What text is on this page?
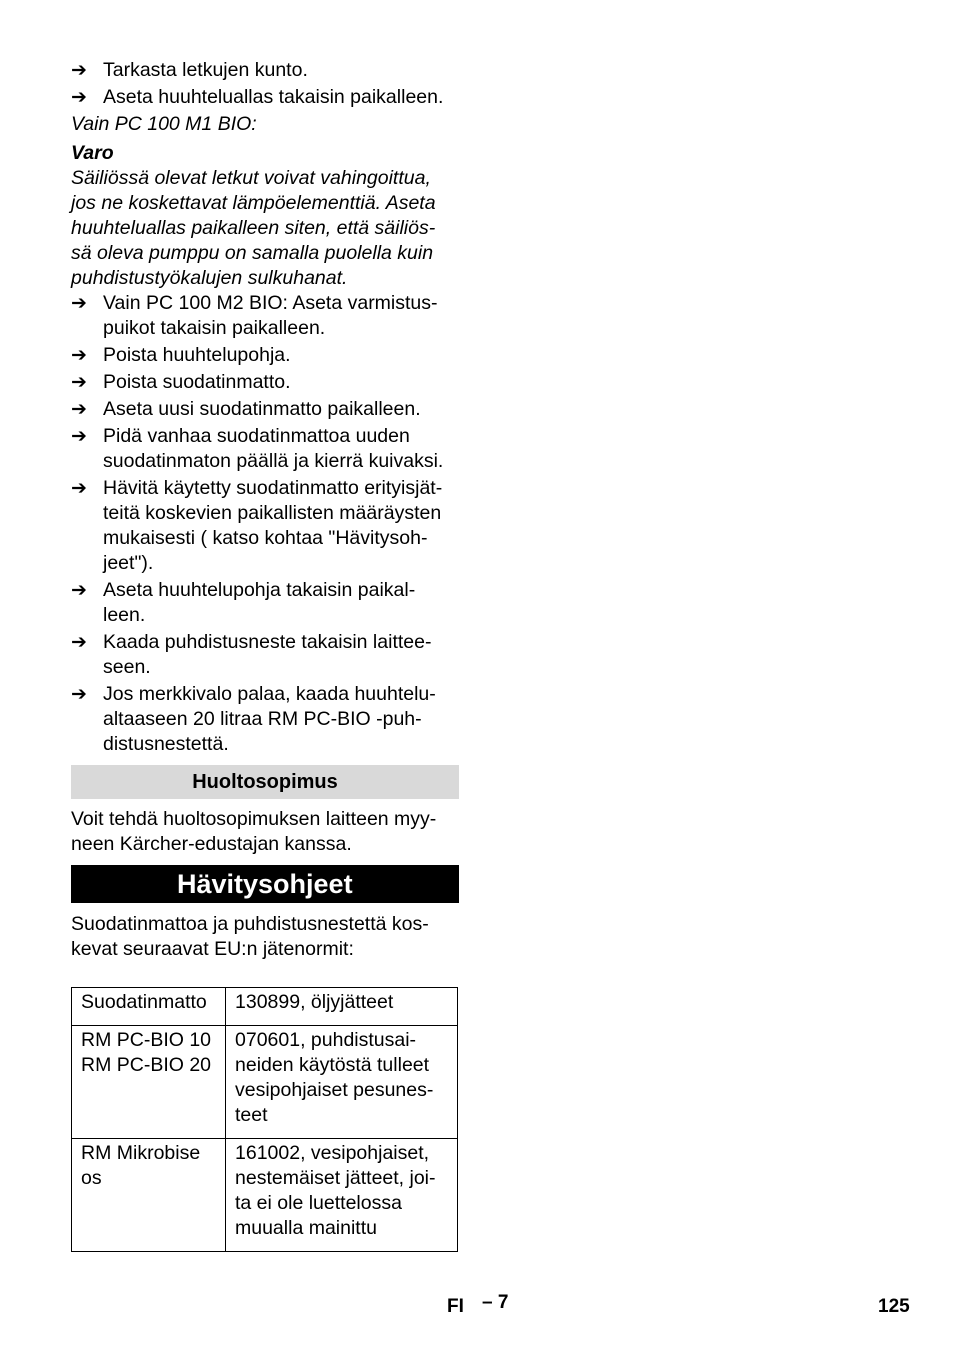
➔ Tarkasta letkujen kunto.
➔ Aseta huuhteluallas takaisin paikalleen.
Vain PC 100 M1 BIO:
Varo
Säiliössä olevat letkut voivat vahingoittua,
jos ne koskettavat lämpöelementtiä. Aseta
huuhteluallas paikalleen siten, että säiliös-
sä oleva pumppu on samalla puolella kuin
puhdistustyökalujen sulkuhanat.
➔ Vain PC 100 M2 BIO: Aseta varmistus-
puikot takaisin paikalleen.
➔ Poista huuhtelupohja.
➔ Poista suodatinmatto.
➔ Aseta uusi suodatinmatto paikalleen.
➔ Pidä vanhaa suodatinmattoa uuden
suodatinmaton päällä ja kierrä kuivaksi.
➔ Hävitä käytetty suodatinmatto erityisjät-
teitä koskevien paikallisten määräysten
mukaisesti ( katso kohtaa "Hävitysoh-
jeet").
➔ Aseta huuhtelupohja takaisin paikal-
leen.
➔ Kaada puhdistusneste takaisin laittee-
seen.
➔ Jos merkkivalo palaa, kaada huuhtelu-
altaaseen 20 litraa RM PC-BIO -puh-
distusnestettä.
Huoltosopimus
Voit tehdä huoltosopimuksen laitteen myy-
neen Kärcher-edustajan kanssa.
Hävitysohjeet
Suodatinmattoa ja puhdistusnestettä kos-
kevat seuraavat EU:n jätenormit:
Suodatinmatto	130899, öljyjätteet
RM PC-BIO 10
RM PC-BIO 20	070601, puhdistusai-
neiden käytöstä tulleet
vesipohjaiset pesunes-
teet
RM Mikrobise
os	161002, vesipohjaiset,
nestemäiset jätteet, joi-
ta ei ole luettelossa
muualla mainittu
FI – 7	125
